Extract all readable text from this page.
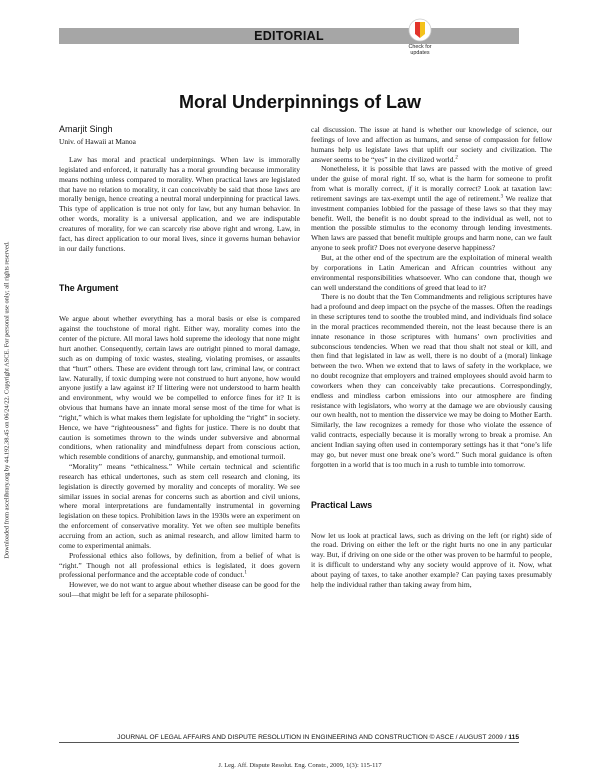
Downloaded from ascelibrary.org by 44.192.38.45 on 06/24/22. Copyright ASCE. For personal use only; all rights reserved.
EDITORIAL
Check for updates
Moral Underpinnings of Law
Amarjit Singh
Univ. of Hawaii at Manoa

Law has moral and practical underpinnings. When law is immorally legislated and enforced, it naturally has a moral grounding because immorality means nothing unless compared to morality. When practical laws are legislated that have no relation to morality, it can conceivably be said that those laws are morally benign, hence creating a neutral moral underpinning for practical laws. This type of application is true not only for law, but any human behavior. In other words, morality is a universal application, and we are indisputable creatures of morality, for we can scarcely rise above right and wrong. Law, in fact, has direct application to our moral lives, since it governs human behavior in our daily functions.

The Argument

We argue about whether everything has a moral basis or else is compared against the touchstone of moral right. Either way, morality comes into the center of the picture. All moral laws hold supreme the ideology that none might hurt another. Consequently, certain laws are outright pinned to moral damage, such as on dumping of toxic wastes, stealing, violating promises, or assaults that “hurt” others. These are evident through tort law, criminal law, or contract law. Naturally, if toxic dumping were not construed to hurt anyone, how would anyone justify a law against it? If littering were not understood to harm health and environment, why would we be compelled to enforce fines for it? It is obvious that humans have an innate moral sense most of the time for what is “right,” which is what makes them legislate for upholding the “right” in society. Hence, we have “righteousness” and fights for justice. There is no doubt that caution is sometimes thrown to the winds under subversive and abnormal conditions, when rationality and mindfulness depart from conscious action, which resemble conditions of anarchy, gunmanship, and emotional turmoil.

“Morality” means “ethicalness.” While certain technical and scientific research has ethical undertones, such as stem cell research and cloning, its legislation is directly governed by morality and concepts of morality. We see similar issues in social arenas for concerns such as abortion and civil unions, where moral interpretations are fundamentally instrumental in governing legislation on these topics. Prohibition laws in the 1930s were an experiment on the enforcement of conservative morality. Yet we often see multiple benefits accruing from an action, such as animal research, and allow limited harm to come to experimental animals.

Professional ethics also follows, by definition, from a belief of what is “right.” Though not all professional ethics is legislated, it does govern professional performance and the acceptable code of conduct.$^1$

However, we do not want to argue about whether disease can be good for the soul—that might be left for a separate philosophi-

cal discussion. The issue at hand is whether our knowledge of science, our feelings of love and affection as humans, and sense of compassion for fellow humans help us legislate laws that uplift our society and civilization. The answer seems to be “yes” in the civilized world.$^2$

Nonetheless, it is possible that laws are passed with the motive of greed under the guise of moral right. If so, what is the harm for someone to profit from what is morally correct, if it is morally correct? Look at taxation law: retirement savings are tax-exempt until the age of retirement.$^3$ We realize that investment companies lobbied for the passage of these laws so that they may benefit. Well, the benefit is no doubt spread to the individual as well, not to mention the possible stimulus to the economy through lending investments. When laws are passed that benefit multiple groups and harm none, can we fault anyone to seek profit? Does not everyone deserve happiness?

But, at the other end of the spectrum are the exploitation of mineral wealth by corporations in Latin American and African countries without any environmental responsibilities whatsoever. Who can condone that, though we can well understand the conditions of greed that lead to it?

There is no doubt that the Ten Commandments and religious scriptures have had a profound and deep impact on the psyche of the masses. Often the readings in these scriptures tend to soothe the troubled mind, and individuals find solace in the moral practices recommended therein, not the least because there is an innate resonance in those scriptures with humans’ own proclivities and subconscious tendencies. When we read that thou shalt not steal or kill, and then find that legislated in law as well, there is no doubt of a (moral) linkage between the two. When we extend that to laws of safety in the workplace, we no doubt recognize that employers and trained employees should avoid harm to coworkers when they can conceivably take precautions. Correspondingly, endless and mindless carbon emissions into our atmosphere are finding resistance with legislators, who worry at the damage we are obviously causing our own health, not to mention the disservice we may be doing to Mother Earth. Similarly, the law recognizes a remedy for those who violate the essence of valid contracts, especially because it is morally wrong to break a promise. An ancient Indian saying often used in contemporary settings has it that “one’s life may go, but never must one break one’s word.” Such moral guidance is often forgotten in a world that is too much in a rush to tumble into tomorrow.

Practical Laws

Now let us look at practical laws, such as driving on the left (or right) side of the road. Driving on either the left or the right hurts no one in any particular way. But, if driving on one side or the other was proven to be harmful to people, it is difficult to understand why any society would approve of it. Now, what about paying of taxes, to take another example? Can paying taxes presumably help the individual rather than taking away from him,

JOURNAL OF LEGAL AFFAIRS AND DISPUTE RESOLUTION IN ENGINEERING AND CONSTRUCTION © ASCE / AUGUST 2009 / 115
J. Leg. Aff. Dispute Resolut. Eng. Constr., 2009, 1(3): 115-117
